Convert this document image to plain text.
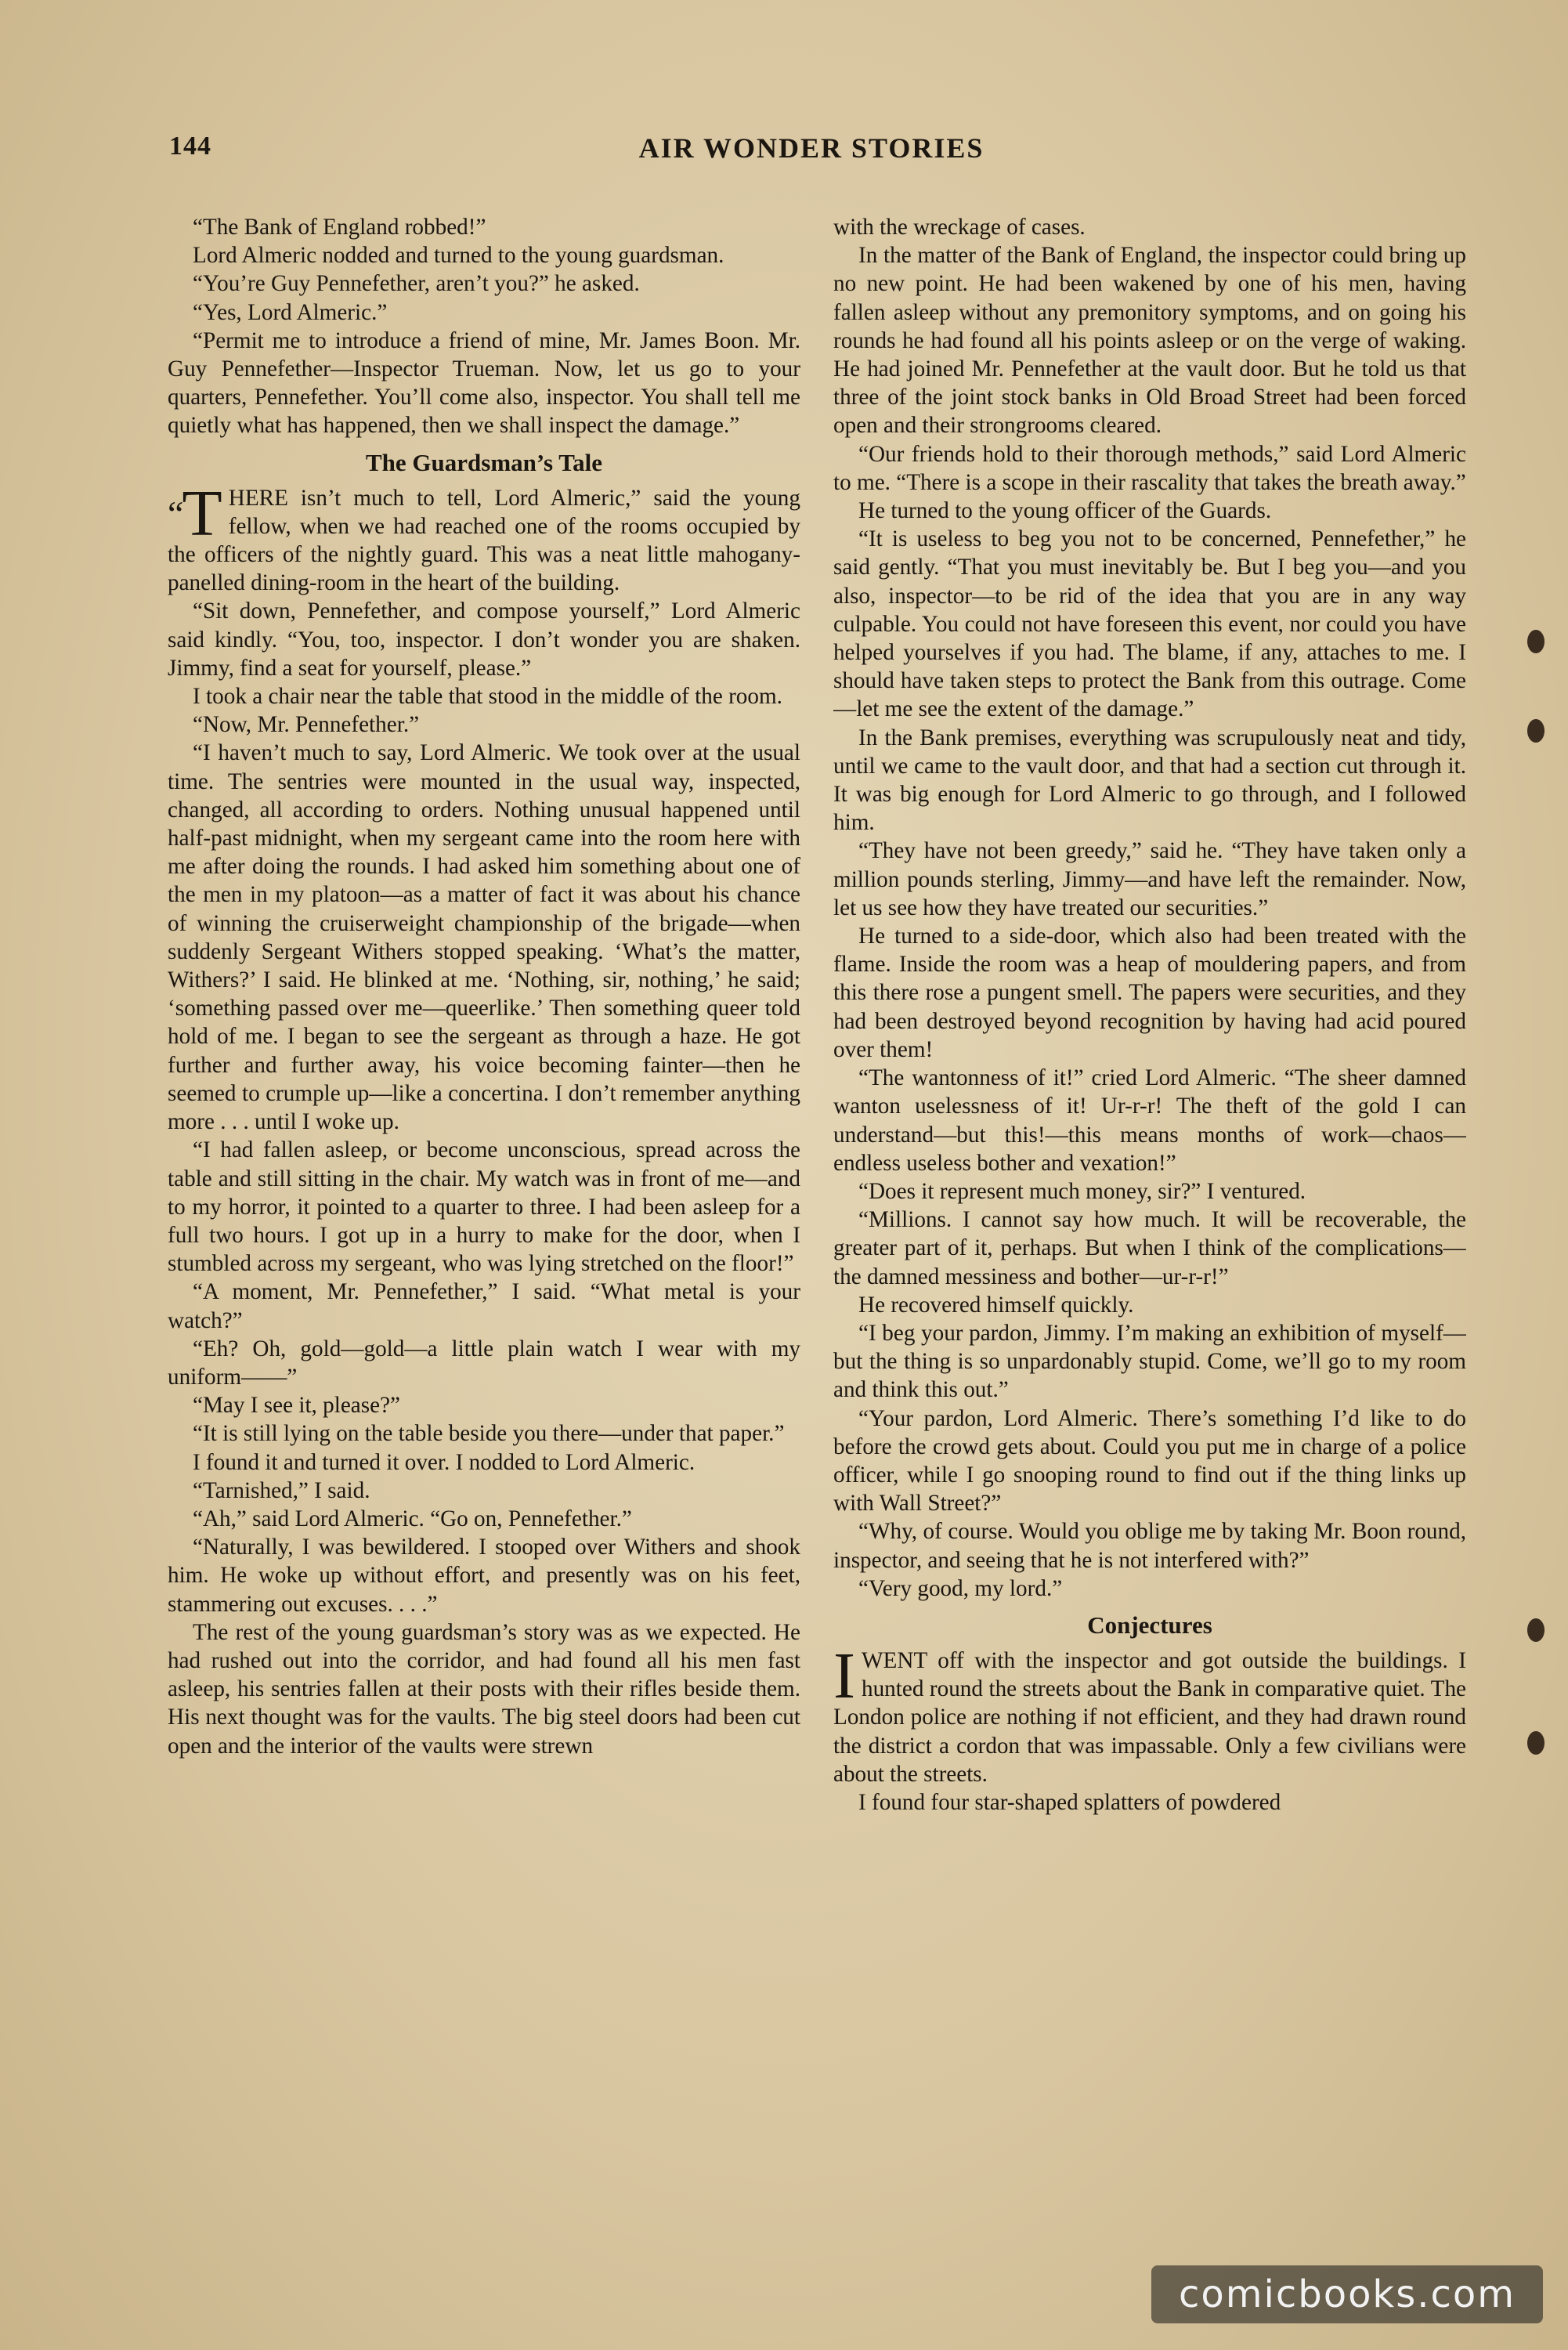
144	AIR WONDER STORIES

“The Bank of England robbed!”

Lord Almeric nodded and turned to the young guardsman.

“You’re Guy Pennefether, aren’t you?” he asked.

“Yes, Lord Almeric.”

“Permit me to introduce a friend of mine, Mr. James Boon. Mr. Guy Pennefether—Inspector Trueman. Now, let us go to your quarters, Pennefether. You’ll come also, inspector. You shall tell me quietly what has happened, then we shall inspect the damage.”

The Guardsman’s Tale

“T HERE isn’t much to tell, Lord Almeric,” said the young fellow, when we had reached one of the rooms occupied by the officers of the nightly guard. This was a neat little mahogany-panelled dining-room in the heart of the building.

“Sit down, Pennefether, and compose yourself,” Lord Almeric said kindly. “You, too, inspector. I don’t wonder you are shaken. Jimmy, find a seat for yourself, please.”

I took a chair near the table that stood in the middle of the room.

“Now, Mr. Pennefether.”

“I haven’t much to say, Lord Almeric. We took over at the usual time. The sentries were mounted in the usual way, inspected, changed, all according to orders. Nothing unusual happened until half-past midnight, when my sergeant came into the room here with me after doing the rounds. I had asked him something about one of the men in my platoon—as a matter of fact it was about his chance of winning the cruiserweight championship of the brigade—when suddenly Sergeant Withers stopped speaking. ‘What’s the matter, Withers?’ I said. He blinked at me. ‘Nothing, sir, nothing,’ he said; ‘something passed over me—queerlike.’ Then something queer told hold of me. I began to see the sergeant as through a haze. He got further and further away, his voice becoming fainter—then he seemed to crumple up—like a concertina. I don’t remember anything more . . . until I woke up.

“I had fallen asleep, or become unconscious, spread across the table and still sitting in the chair. My watch was in front of me—and to my horror, it pointed to a quarter to three. I had been asleep for a full two hours. I got up in a hurry to make for the door, when I stumbled across my sergeant, who was lying stretched on the floor!”

“A moment, Mr. Pennefether,” I said. “What metal is your watch?”

“Eh? Oh, gold—gold—a little plain watch I wear with my uniform——”

“May I see it, please?”

“It is still lying on the table beside you there—under that paper.”

I found it and turned it over. I nodded to Lord Almeric.

“Tarnished,” I said.

“Ah,” said Lord Almeric. “Go on, Pennefether.”

“Naturally, I was bewildered. I stooped over Withers and shook him. He woke up without effort, and presently was on his feet, stammering out excuses. . . .”

The rest of the young guardsman’s story was as we expected. He had rushed out into the corridor, and had found all his men fast asleep, his sentries fallen at their posts with their rifles beside them. His next thought was for the vaults. The big steel doors had been cut open and the interior of the vaults were strewn

with the wreckage of cases.

In the matter of the Bank of England, the inspector could bring up no new point. He had been wakened by one of his men, having fallen asleep without any premonitory symptoms, and on going his rounds he had found all his points asleep or on the verge of waking. He had joined Mr. Pennefether at the vault door. But he told us that three of the joint stock banks in Old Broad Street had been forced open and their strongrooms cleared.

“Our friends hold to their thorough methods,” said Lord Almeric to me. “There is a scope in their rascality that takes the breath away.”

He turned to the young officer of the Guards.

“It is useless to beg you not to be concerned, Pennefether,” he said gently. “That you must inevitably be. But I beg you—and you also, inspector—to be rid of the idea that you are in any way culpable. You could not have foreseen this event, nor could you have helped yourselves if you had. The blame, if any, attaches to me. I should have taken steps to protect the Bank from this outrage. Come—let me see the extent of the damage.”

In the Bank premises, everything was scrupulously neat and tidy, until we came to the vault door, and that had a section cut through it. It was big enough for Lord Almeric to go through, and I followed him.

“They have not been greedy,” said he. “They have taken only a million pounds sterling, Jimmy—and have left the remainder. Now, let us see how they have treated our securities.”

He turned to a side-door, which also had been treated with the flame. Inside the room was a heap of mouldering papers, and from this there rose a pungent smell. The papers were securities, and they had been destroyed beyond recognition by having had acid poured over them!

“The wantonness of it!” cried Lord Almeric. “The sheer damned wanton uselessness of it! Ur-r-r! The theft of the gold I can understand—but this!—this means months of work—chaos—endless useless bother and vexation!”

“Does it represent much money, sir?” I ventured.

“Millions. I cannot say how much. It will be recoverable, the greater part of it, perhaps. But when I think of the complications—the damned messiness and bother—ur-r-r!”

He recovered himself quickly.

“I beg your pardon, Jimmy. I’m making an exhibition of myself—but the thing is so unpardonably stupid. Come, we’ll go to my room and think this out.”

“Your pardon, Lord Almeric. There’s something I’d like to do before the crowd gets about. Could you put me in charge of a police officer, while I go snooping round to find out if the thing links up with Wall Street?”

“Why, of course. Would you oblige me by taking Mr. Boon round, inspector, and seeing that he is not interfered with?”

“Very good, my lord.”

Conjectures

IWENT off with the inspector and got outside the buildings. I hunted round the streets about the Bank in comparative quiet. The London police are nothing if not efficient, and they had drawn round the district a cordon that was impassable. Only a few civilians were about the streets.

I found four star-shaped splatters of powdered

comicbooks.com
